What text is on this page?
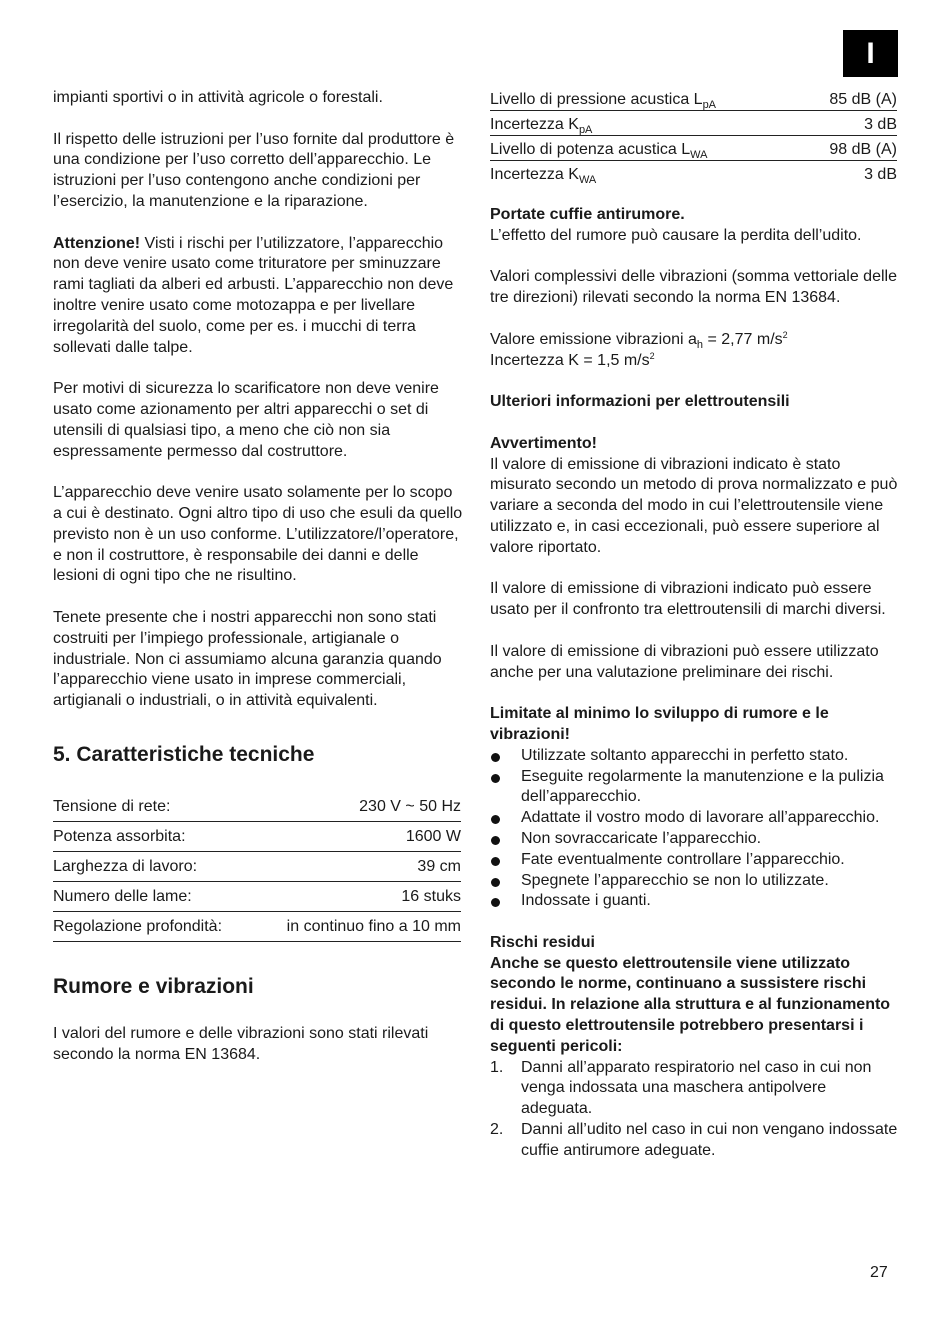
I

impianti sportivi o in attività agricole o forestali.

Il rispetto delle istruzioni per l’uso fornite dal produttore è una condizione per l’uso corretto dell’apparecchio. Le istruzioni per l’uso contengono anche condizioni per l’esercizio, la manutenzione e la riparazione.

Attenzione! Visti i rischi per l’utilizzatore, l’apparecchio non deve venire usato come trituratore per sminuzzare rami tagliati da alberi ed arbusti. L’apparecchio non deve inoltre venire usato come motozappa e per livellare irregolarità del suolo, come per es. i mucchi di terra sollevati dalle talpe.

Per motivi di sicurezza lo scarificatore non deve venire usato come azionamento per altri apparecchi o set di utensili di qualsiasi tipo, a meno che ciò non sia espressamente permesso dal costruttore.

L’apparecchio deve venire usato solamente per lo scopo a cui è destinato. Ogni altro tipo di uso che esuli da quello previsto non è un uso conforme. L’utilizzatore/l’operatore, e non il costruttore, è responsabile dei danni e delle lesioni di ogni tipo che ne risultino.

Tenete presente che i nostri apparecchi non sono stati costruiti per l’impiego professionale, artigianale o industriale. Non ci assumiamo alcuna garanzia quando l’apparecchio viene usato in imprese commerciali, artigianali o industriali, o in attività equivalenti.

5. Caratteristiche tecniche
Tensione di rete:	230 V ~ 50 Hz
Potenza assorbita:	1600 W
Larghezza di lavoro:	39 cm
Numero delle lame:	16 stuks
Regolazione profondità:	in continuo fino a 10 mm
Rumore e vibrazioni

I valori del rumore e delle vibrazioni sono stati rilevati secondo la norma EN 13684.

Livello di pressione acustica $L_{pA}$	85 dB (A)
Incertezza $K_{pA}$	3 dB
Livello di potenza acustica $L_{WA}$	98 dB (A)
Incertezza $K_{WA}$	3 dB

Portate cuffie antirumore.
L’effetto del rumore può causare la perdita dell’udito.

Valori complessivi delle vibrazioni (somma vettoriale delle tre direzioni) rilevati secondo la norma EN 13684.

Valore emissione vibrazioni $a_h = 2,77$ $m/s^2$
Incertezza K = 1,5 $m/s^2$

Ulteriori informazioni per elettroutensili

Avvertimento!
Il valore di emissione di vibrazioni indicato è stato misurato secondo un metodo di prova normalizzato e può variare a seconda del modo in cui l’elettroutensile viene utilizzato e, in casi eccezionali, può essere superiore al valore riportato.

Il valore di emissione di vibrazioni indicato può essere usato per il confronto tra elettroutensili di marchi diversi.

Il valore di emissione di vibrazioni può essere utilizzato anche per una valutazione preliminare dei rischi.

Limitate al minimo lo sviluppo di rumore e le vibrazioni!
Utilizzate soltanto apparecchi in perfetto stato.
Eseguite regolarmente la manutenzione e la pulizia dell’apparecchio.
Adattate il vostro modo di lavorare all’apparecchio.
Non sovraccaricate l’apparecchio.
Fate eventualmente controllare l’apparecchio.
Spegnete l’apparecchio se non lo utilizzate.
Indossate i guanti.
Rischi residui
Anche se questo elettroutensile viene utilizzato secondo le norme, continuano a sussistere rischi residui. In relazione alla struttura e al funzionamento di questo elettroutensile potrebbero presentarsi i seguenti pericoli:
1. Danni all’apparato respiratorio nel caso in cui non venga indossata una maschera antipolvere adeguata.
2. Danni all’udito nel caso in cui non vengano indossate cuffie antirumore adeguate.
27
